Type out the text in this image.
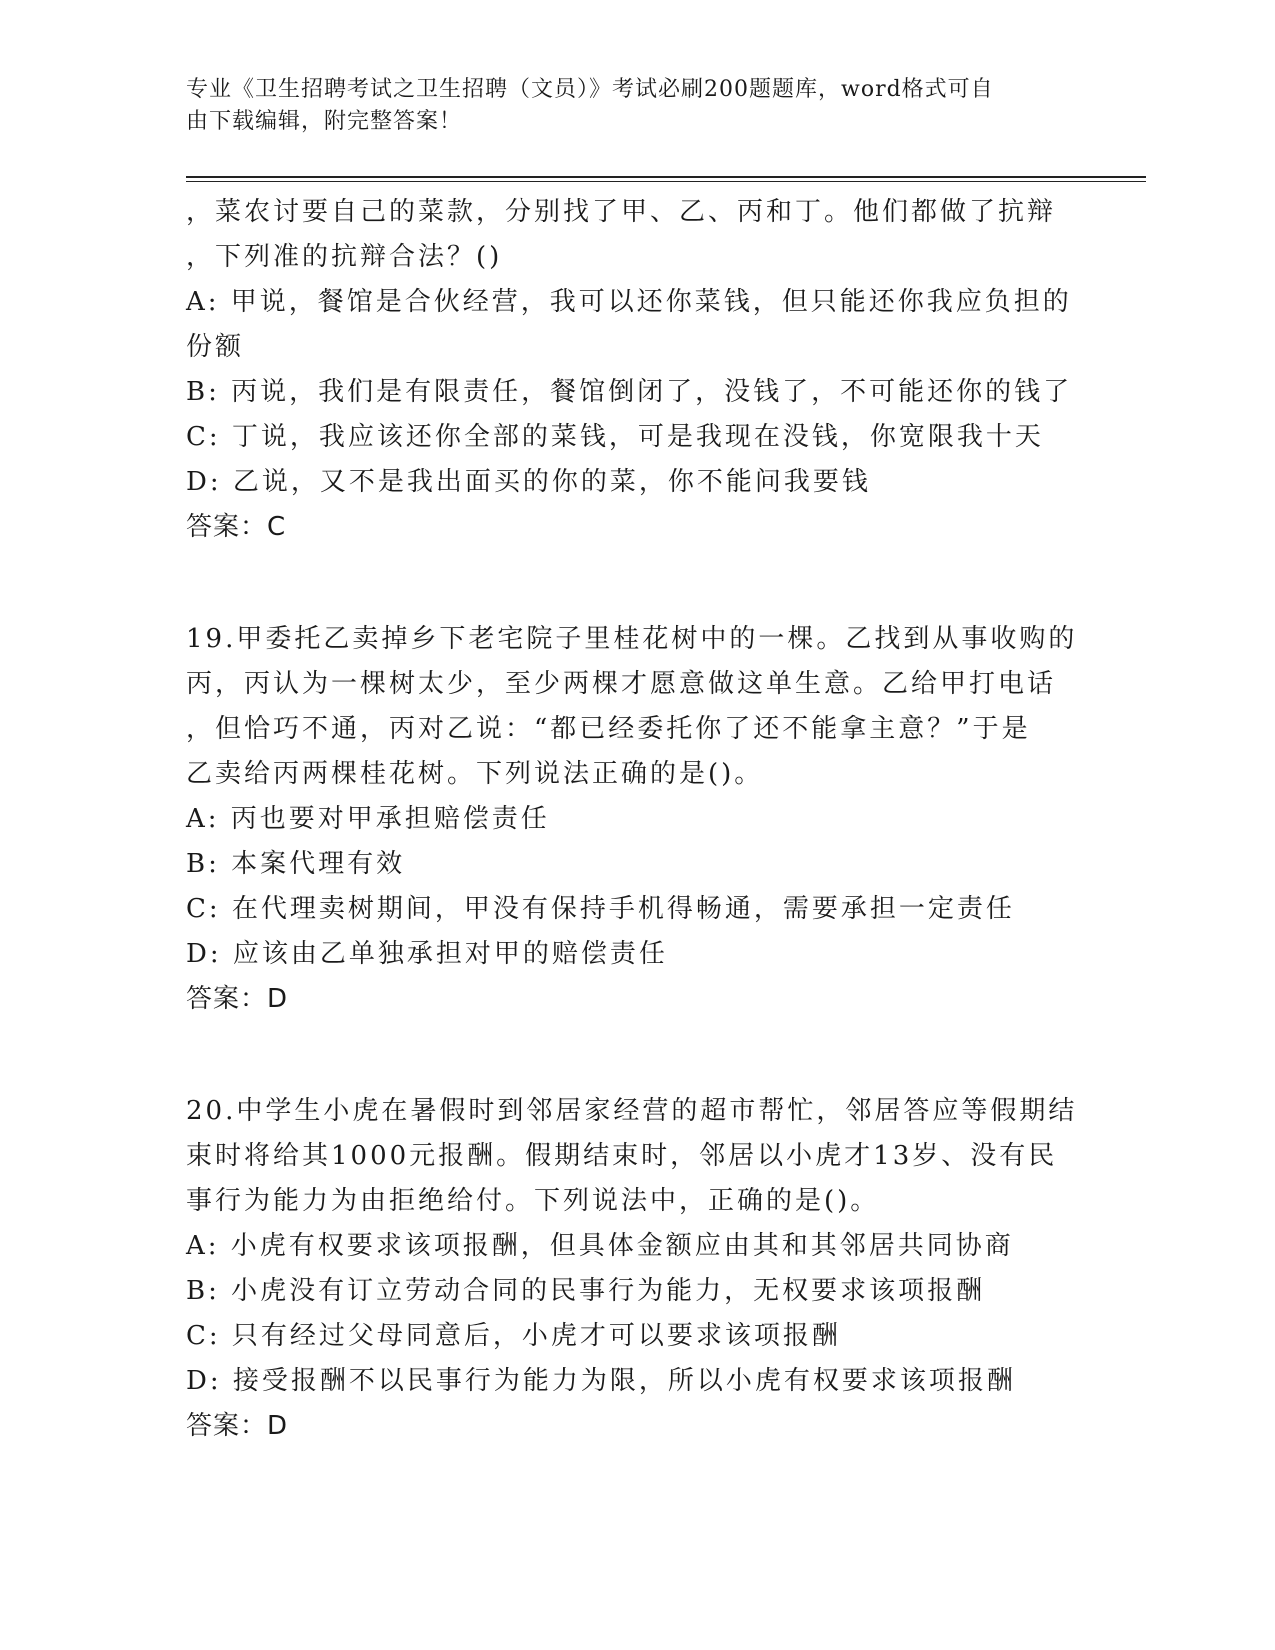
专业《卫生招聘考试之卫生招聘（文员）》考试必刷200题题库，word格式可自
由下载编辑，附完整答案！
，菜农讨要自己的菜款，分别找了甲、乙、丙和丁。他们都做了抗辩
，下列准的抗辩合法？()
A: 甲说，餐馆是合伙经营，我可以还你菜钱，但只能还你我应负担的
份额
B: 丙说，我们是有限责任，餐馆倒闭了，没钱了，不可能还你的钱了
C: 丁说，我应该还你全部的菜钱，可是我现在没钱，你宽限我十天
D: 乙说，又不是我出面买的你的菜，你不能问我要钱
答案：C
19.甲委托乙卖掉乡下老宅院子里桂花树中的一棵。乙找到从事收购的
丙，丙认为一棵树太少，至少两棵才愿意做这单生意。乙给甲打电话
，但恰巧不通，丙对乙说：“都已经委托你了还不能拿主意？”于是
乙卖给丙两棵桂花树。下列说法正确的是()。
A: 丙也要对甲承担赔偿责任
B: 本案代理有效
C: 在代理卖树期间，甲没有保持手机得畅通，需要承担一定责任
D: 应该由乙单独承担对甲的赔偿责任
答案：D
20.中学生小虎在暑假时到邻居家经营的超市帮忙，邻居答应等假期结
束时将给其1000元报酬。假期结束时，邻居以小虎才13岁、没有民
事行为能力为由拒绝给付。下列说法中，正确的是()。
A: 小虎有权要求该项报酬，但具体金额应由其和其邻居共同协商
B: 小虎没有订立劳动合同的民事行为能力，无权要求该项报酬
C: 只有经过父母同意后，小虎才可以要求该项报酬
D: 接受报酬不以民事行为能力为限，所以小虎有权要求该项报酬
答案：D
